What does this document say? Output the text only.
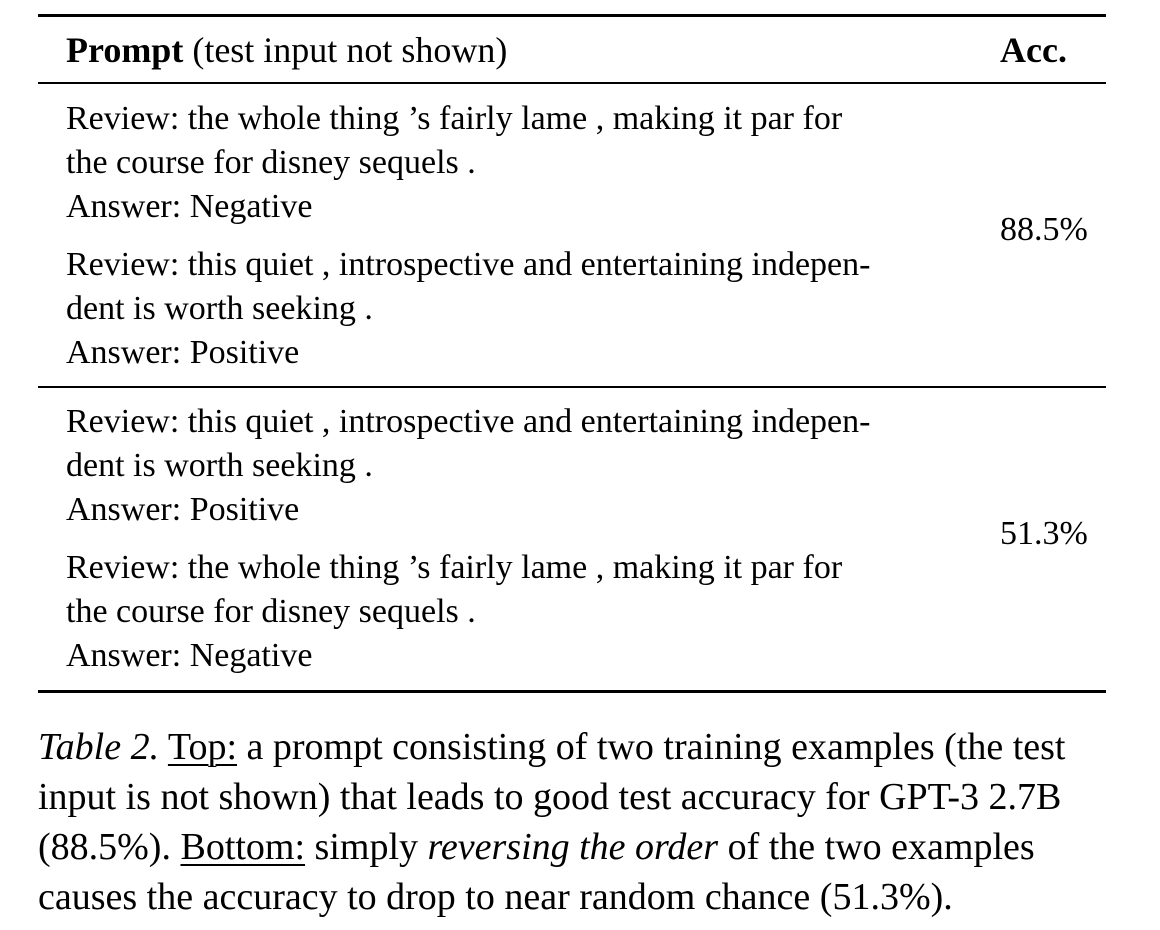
Prompt (test input not shown)	Acc.
Review: the whole thing ’s fairly lame , making it par for
the course for disney sequels .
Answer: Negative
Review: this quiet , introspective and entertaining indepen-
dent is worth seeking .
Answer: Positive
88.5%
Review: this quiet , introspective and entertaining indepen-
dent is worth seeking .
Answer: Positive
Review: the whole thing ’s fairly lame , making it par for
the course for disney sequels .
Answer: Negative
51.3%
Table 2. Top: a prompt consisting of two training examples (the test
input is not shown) that leads to good test accuracy for GPT-3 2.7B
(88.5%). Bottom: simply reversing the order of the two examples
causes the accuracy to drop to near random chance (51.3%).
